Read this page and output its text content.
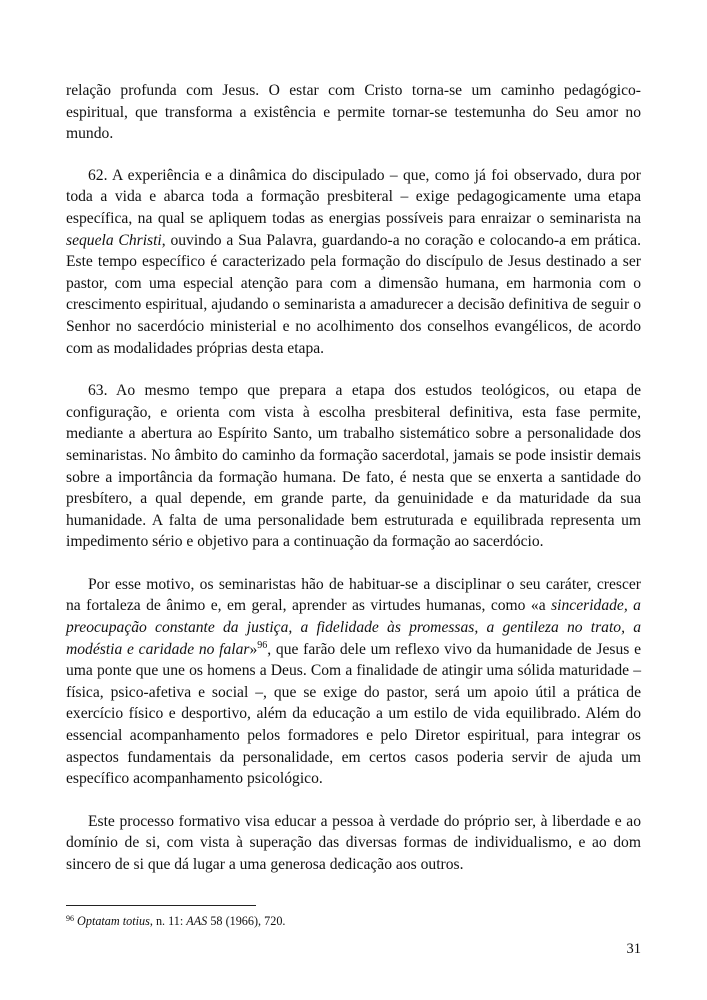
relação profunda com Jesus. O estar com Cristo torna-se um caminho pedagógico-espiritual, que transforma a existência e permite tornar-se testemunha do Seu amor no mundo.

62. A experiência e a dinâmica do discipulado – que, como já foi observado, dura por toda a vida e abarca toda a formação presbiteral – exige pedagogicamente uma etapa específica, na qual se apliquem todas as energias possíveis para enraizar o seminarista na sequela Christi, ouvindo a Sua Palavra, guardando-a no coração e colocando-a em prática. Este tempo específico é caracterizado pela formação do discípulo de Jesus destinado a ser pastor, com uma especial atenção para com a dimensão humana, em harmonia com o crescimento espiritual, ajudando o seminarista a amadurecer a decisão definitiva de seguir o Senhor no sacerdócio ministerial e no acolhimento dos conselhos evangélicos, de acordo com as modalidades próprias desta etapa.

63. Ao mesmo tempo que prepara a etapa dos estudos teológicos, ou etapa de configuração, e orienta com vista à escolha presbiteral definitiva, esta fase permite, mediante a abertura ao Espírito Santo, um trabalho sistemático sobre a personalidade dos seminaristas. No âmbito do caminho da formação sacerdotal, jamais se pode insistir demais sobre a importância da formação humana. De fato, é nesta que se enxerta a santidade do presbítero, a qual depende, em grande parte, da genuinidade e da maturidade da sua humanidade. A falta de uma personalidade bem estruturada e equilibrada representa um impedimento sério e objetivo para a continuação da formação ao sacerdócio.

Por esse motivo, os seminaristas hão de habituar-se a disciplinar o seu caráter, crescer na fortaleza de ânimo e, em geral, aprender as virtudes humanas, como «a sinceridade, a preocupação constante da justiça, a fidelidade às promessas, a gentileza no trato, a modéstia e caridade no falar»$^{96}$, que farão dele um reflexo vivo da humanidade de Jesus e uma ponte que une os homens a Deus. Com a finalidade de atingir uma sólida maturidade – física, psico-afetiva e social –, que se exige do pastor, será um apoio útil a prática de exercício físico e desportivo, além da educação a um estilo de vida equilibrado. Além do essencial acompanhamento pelos formadores e pelo Diretor espiritual, para integrar os aspectos fundamentais da personalidade, em certos casos poderia servir de ajuda um específico acompanhamento psicológico.

Este processo formativo visa educar a pessoa à verdade do próprio ser, à liberdade e ao domínio de si, com vista à superação das diversas formas de individualismo, e ao dom sincero de si que dá lugar a uma generosa dedicação aos outros.

$^{96}$ Optatam totius, n. 11: AAS 58 (1966), 720.
31
